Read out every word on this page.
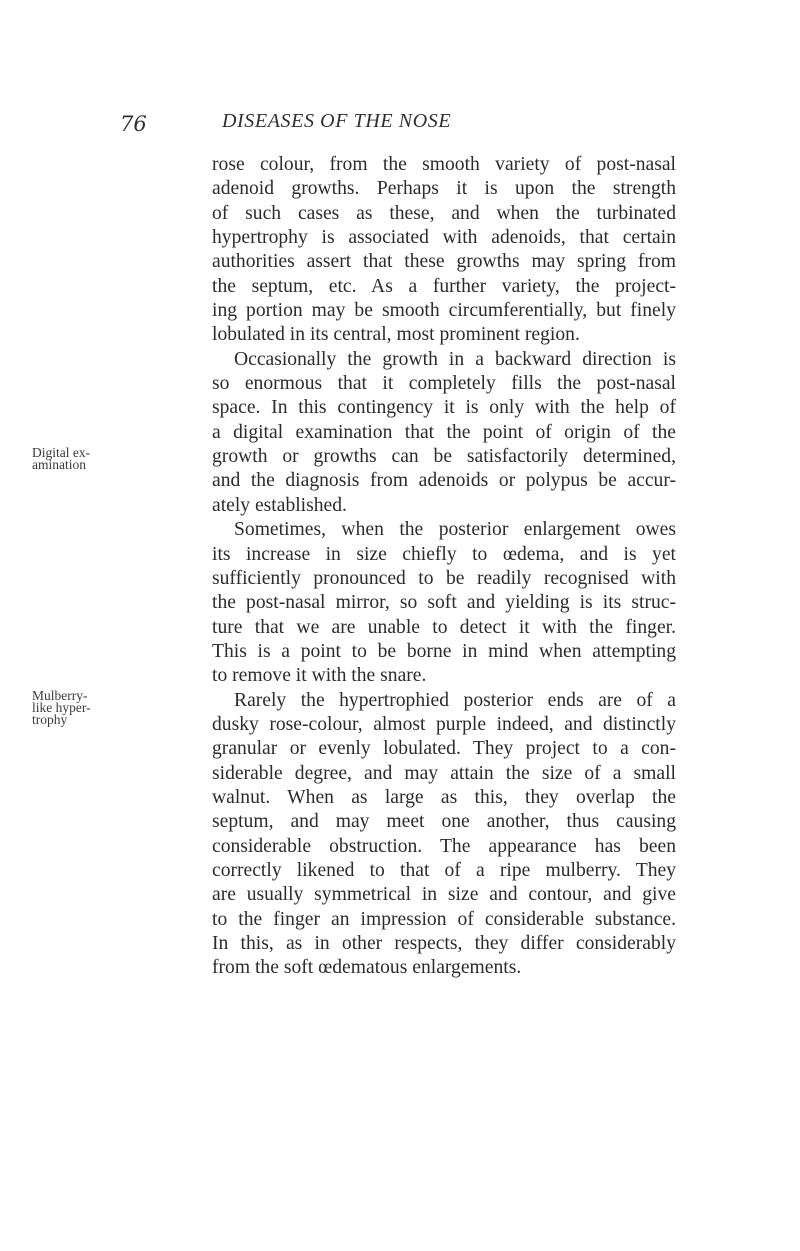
76	DISEASES OF THE NOSE
Digital ex-
amination
Mulberry-
like hyper-
trophy
rose colour, from the smooth variety of post-nasal
adenoid growths. Perhaps it is upon the strength
of such cases as these, and when the turbinated
hypertrophy is associated with adenoids, that certain
authorities assert that these growths may spring from
the septum, etc. As a further variety, the project-
ing portion may be smooth circumferentially, but finely
lobulated in its central, most prominent region.
Occasionally the growth in a backward direction is
so enormous that it completely fills the post-nasal
space. In this contingency it is only with the help of
a digital examination that the point of origin of the
growth or growths can be satisfactorily determined,
and the diagnosis from adenoids or polypus be accur-
ately established.
Sometimes, when the posterior enlargement owes
its increase in size chiefly to œdema, and is yet
sufficiently pronounced to be readily recognised with
the post-nasal mirror, so soft and yielding is its struc-
ture that we are unable to detect it with the finger.
This is a point to be borne in mind when attempting
to remove it with the snare.
Rarely the hypertrophied posterior ends are of a
dusky rose-colour, almost purple indeed, and distinctly
granular or evenly lobulated. They project to a con-
siderable degree, and may attain the size of a small
walnut. When as large as this, they overlap the
septum, and may meet one another, thus causing
considerable obstruction. The appearance has been
correctly likened to that of a ripe mulberry. They
are usually symmetrical in size and contour, and give
to the finger an impression of considerable substance.
In this, as in other respects, they differ considerably
from the soft œdematous enlargements.
